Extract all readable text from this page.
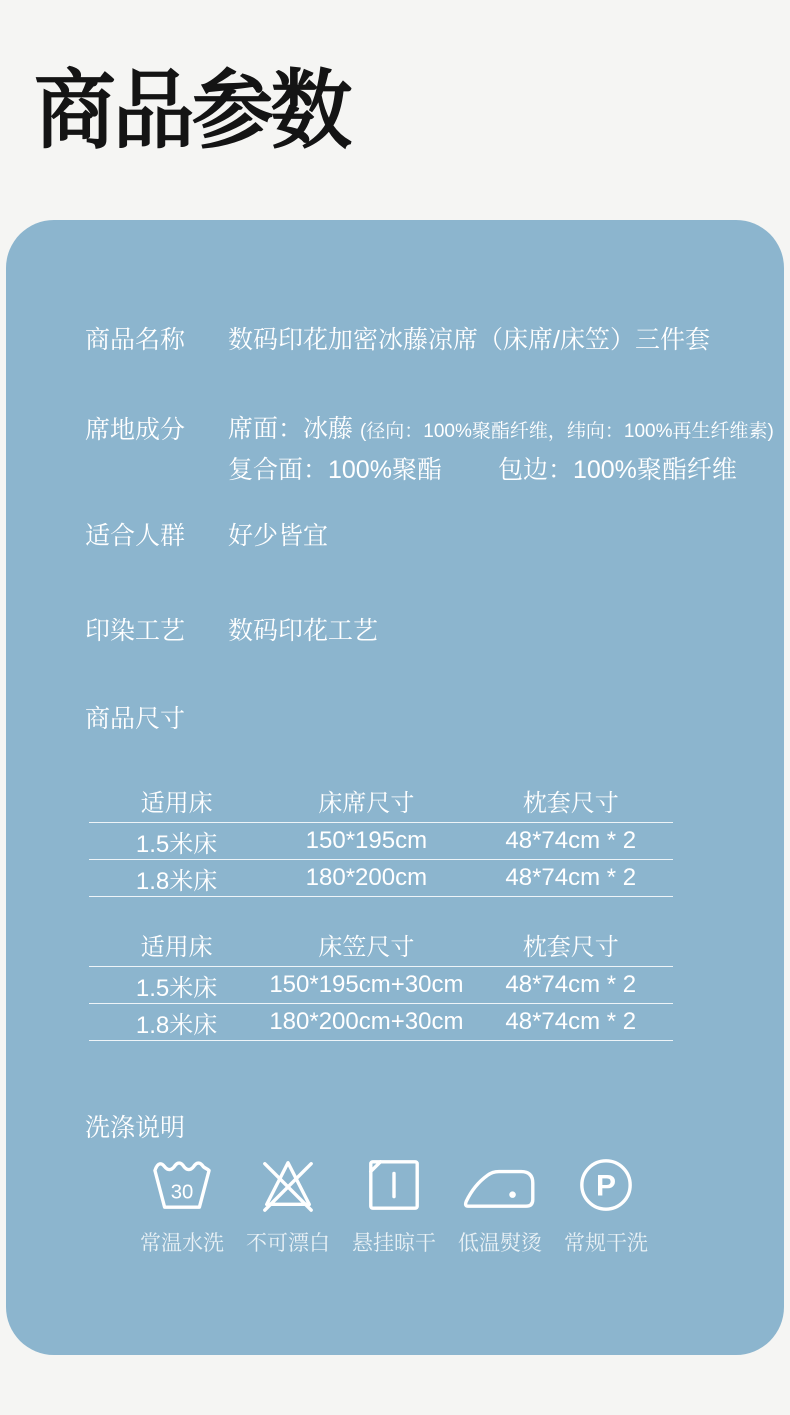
商品参数
商品名称	数码印花加密冰藤凉席（床席/床笠）三件套
席地成分	席面：冰藤 (径向：100%聚酯纤维，纬向：100%再生纤维素)
复合面：100%聚酯 包边：100%聚酯纤维
适合人群	好少皆宜
印染工艺	数码印花工艺
商品尺寸
适用床	床席尺寸	枕套尺寸
1.5米床	150*195cm	48*74cm * 2
1.8米床	180*200cm	48*74cm * 2
适用床	床笠尺寸	枕套尺寸
1.5米床	150*195cm+30cm	48*74cm * 2
1.8米床	180*200cm+30cm	48*74cm * 2
洗涤说明
30
常温水洗 不可漂白 悬挂晾干 低温熨烫
P
常规干洗
